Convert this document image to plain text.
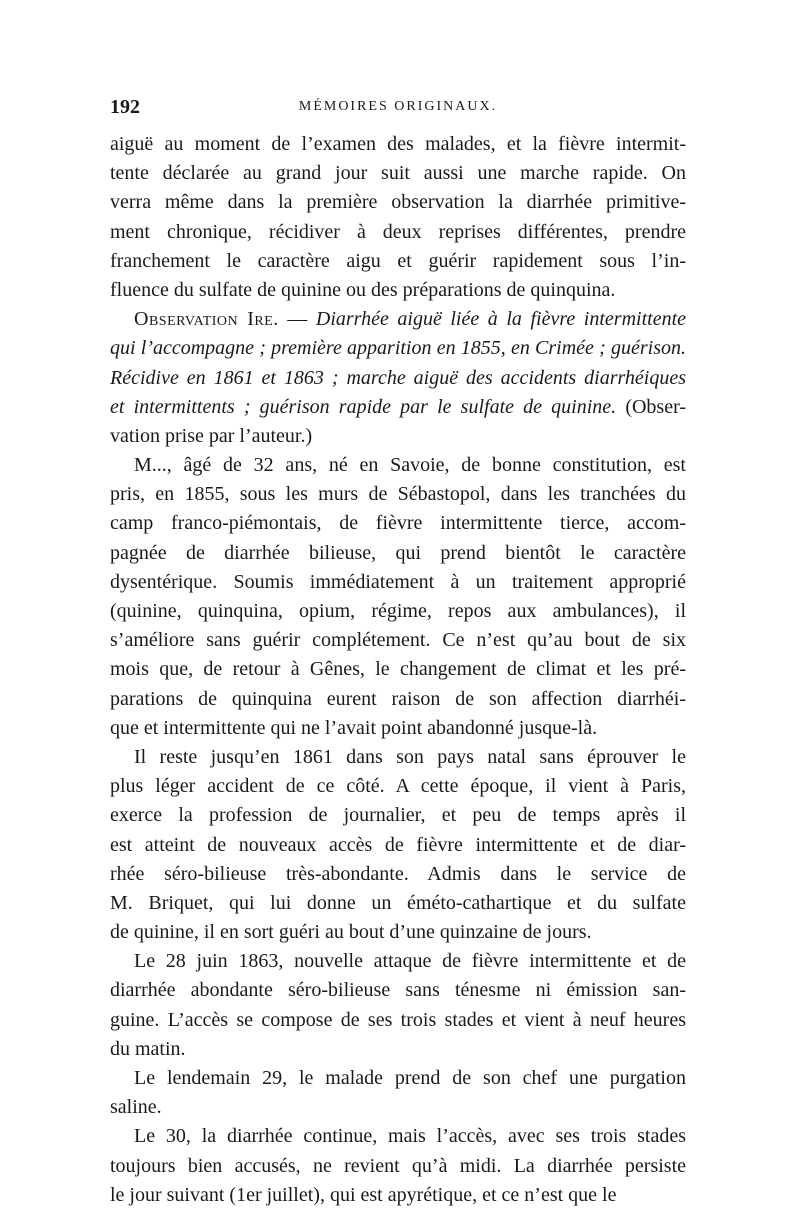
192	MÉMOIRES ORIGINAUX.
aiguë au moment de l’examen des malades, et la fièvre intermit-
tente déclarée au grand jour suit aussi une marche rapide. On
verra même dans la première observation la diarrhée primitive-
ment chronique, récidiver à deux reprises différentes, prendre
franchement le caractère aigu et guérir rapidement sous l’in-
fluence du sulfate de quinine ou des préparations de quinquina.
Observation Ire. — Diarrhée aiguë liée à la fièvre intermittente
qui l’accompagne ; première apparition en 1855, en Crimée ; guérison.
Récidive en 1861 et 1863 ; marche aiguë des accidents diarrhéiques
et intermittents ; guérison rapide par le sulfate de quinine. (Obser-
vation prise par l’auteur.)
M..., âgé de 32 ans, né en Savoie, de bonne constitution, est
pris, en 1855, sous les murs de Sébastopol, dans les tranchées du
camp franco-piémontais, de fièvre intermittente tierce, accom-
pagnée de diarrhée bilieuse, qui prend bientôt le caractère
dysentérique. Soumis immédiatement à un traitement approprié
(quinine, quinquina, opium, régime, repos aux ambulances), il
s’améliore sans guérir complétement. Ce n’est qu’au bout de six
mois que, de retour à Gênes, le changement de climat et les pré-
parations de quinquina eurent raison de son affection diarrhéi-
que et intermittente qui ne l’avait point abandonné jusque-là.
Il reste jusqu’en 1861 dans son pays natal sans éprouver le
plus léger accident de ce côté. A cette époque, il vient à Paris,
exerce la profession de journalier, et peu de temps après il
est atteint de nouveaux accès de fièvre intermittente et de diar-
rhée séro-bilieuse très-abondante. Admis dans le service de
M. Briquet, qui lui donne un éméto-cathartique et du sulfate
de quinine, il en sort guéri au bout d’une quinzaine de jours.
Le 28 juin 1863, nouvelle attaque de fièvre intermittente et de
diarrhée abondante séro-bilieuse sans ténesme ni émission san-
guine. L’accès se compose de ses trois stades et vient à neuf heures
du matin.
Le lendemain 29, le malade prend de son chef une purgation
saline.
Le 30, la diarrhée continue, mais l’accès, avec ses trois stades
toujours bien accusés, ne revient qu’à midi. La diarrhée persiste
le jour suivant (1er juillet), qui est apyrétique, et ce n’est que le
